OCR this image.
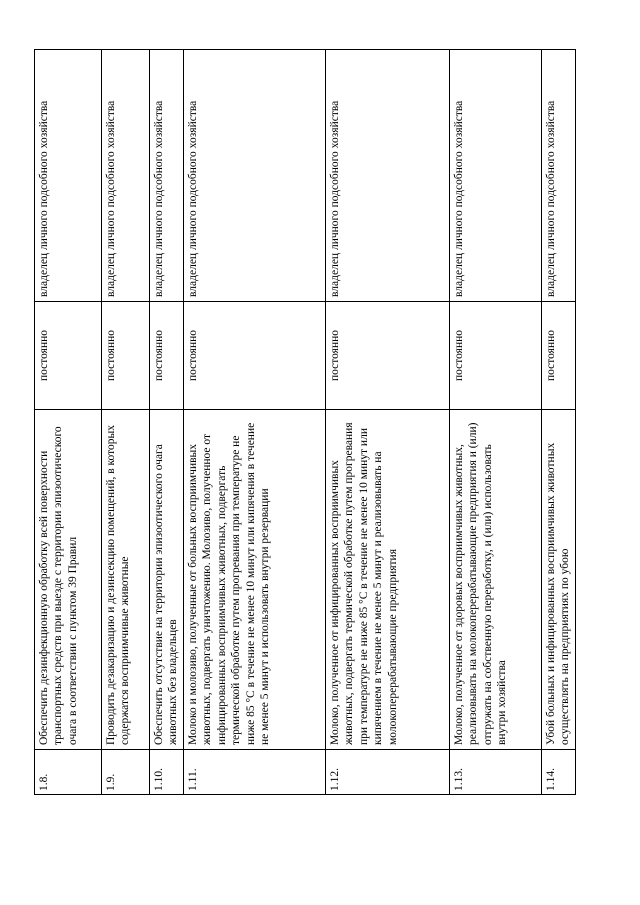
1.8.	Обеспечить дезинфекционную обработку всей поверхности транспортных средств при выезде с территории эпизоотического очага в соответствии с пунктом 39 Правил	постоянно	владелец личного подсобного хозяйства
1.9.	Проводить дезакаризацию и дезинсекцию помещений, в которых содержатся восприимчивые животные	постоянно	владелец личного подсобного хозяйства
1.10.	Обеспечить отсутствие на территории эпизоотического очага животных без владельцев	постоянно	владелец личного подсобного хозяйства
1.11.	Молоко и молозиво, полученные от больных восприимчивых животных, подвергать уничтожению. Молозиво, полученное от инфицированных восприимчивых животных, подвергать термической обработке путем прогревания при температуре не ниже 85 °С в течение не менее 10 минут или кипячения в течение не менее 5 минут и использовать внутри резервации	постоянно	владелец личного подсобного хозяйства
1.12.	Молоко, полученное от инфицированных восприимчивых животных, подвергать термической обработке путем прогревания при температуре не ниже 85 °С в течение не менее 10 минут или кипячением в течение не менее 5 минут и реализовывать на молокоперерабатывающие предприятия	постоянно	владелец личного подсобного хозяйства
1.13.	Молоко, полученное от здоровых восприимчивых животных, реализовывать на молокоперерабатывающие предприятия и (или) отгружать на собственную переработку, и (или) использовать внутри хозяйства	постоянно	владелец личного подсобного хозяйства
1.14.	Убой больных и инфицированных восприимчивых животных осуществлять на предприятиях по убою	постоянно	владелец личного подсобного хозяйства
